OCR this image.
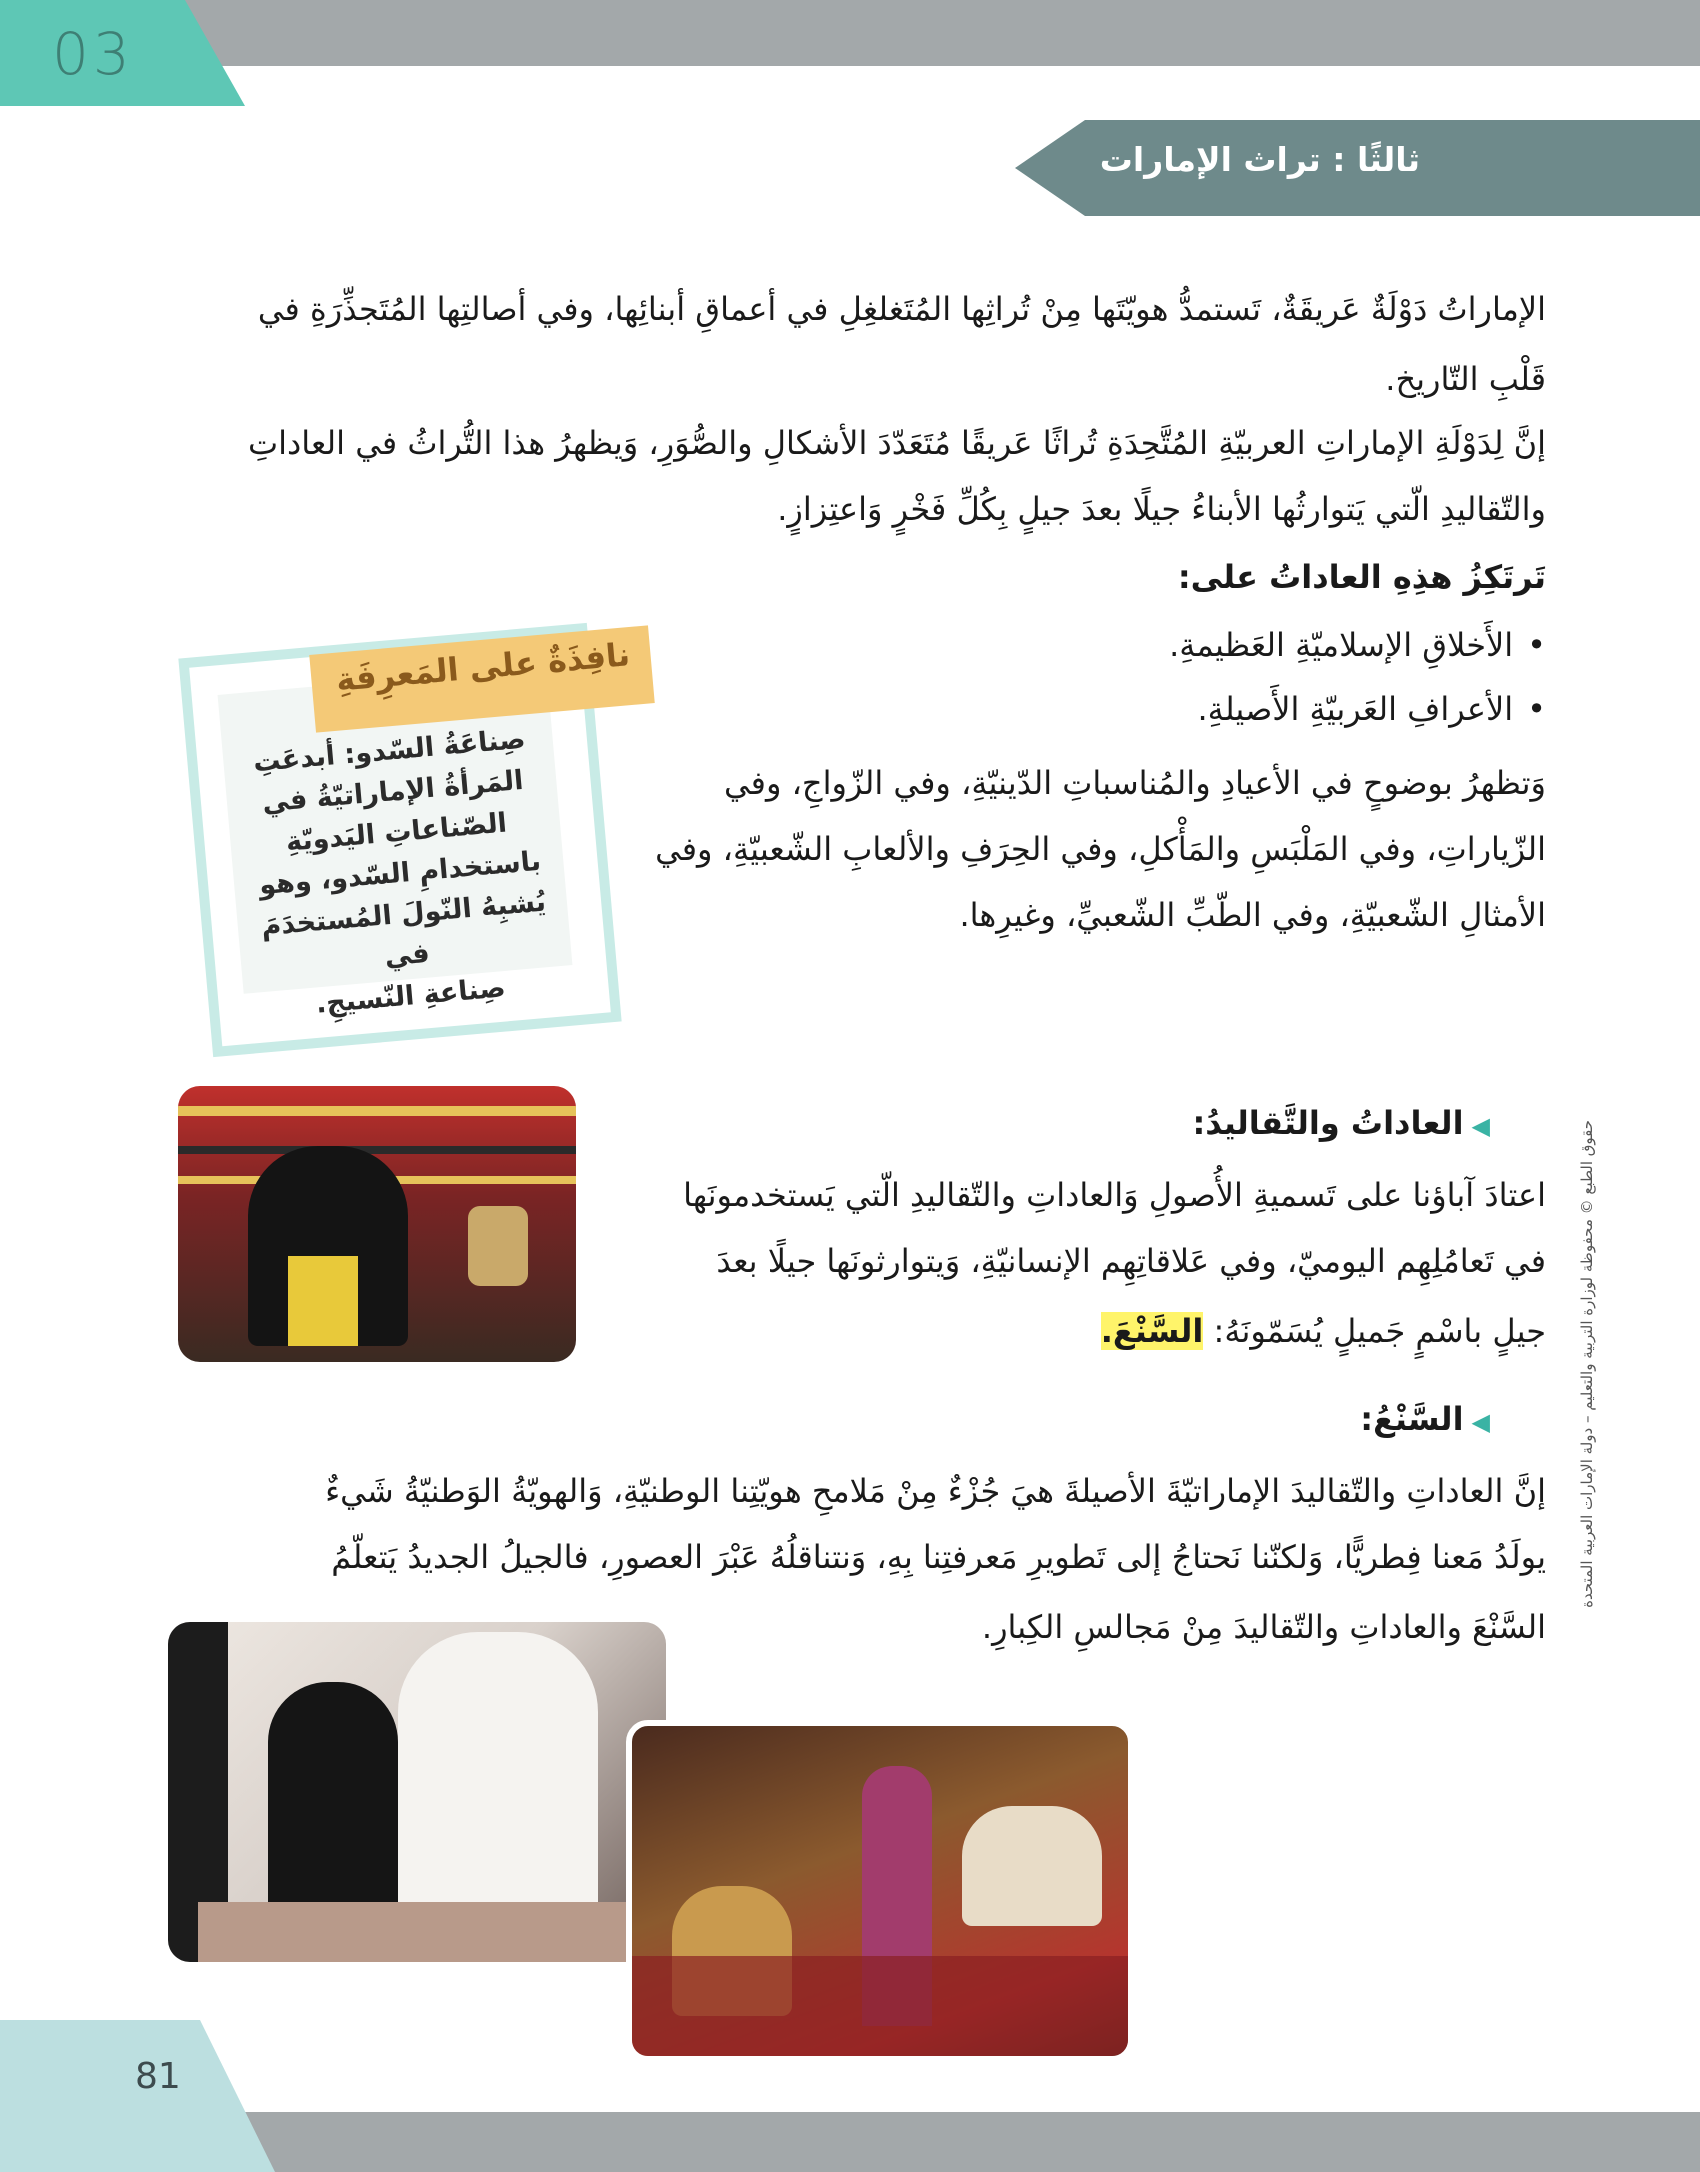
03
ثالثًا : تراث الإمارات
الإماراتُ دَوْلَةٌ عَريقَةٌ، تَستمدُّ هويّتَها مِنْ تُراثِها المُتَغلغِلِ في أعماقِ أبنائِها، وفي أصالتِها المُتَجذِّرَةِ في
قَلْبِ التّاريخ.
إنَّ لِدَوْلَةِ الإماراتِ العربيّةِ المُتَّحِدَةِ تُراثًا عَريقًا مُتَعَدّدَ الأشكالِ والصُّوَرِ، وَيظهرُ هذا التُّراثُ في العاداتِ
والتّقاليدِ الّتي يَتوارثُها الأبناءُ جيلًا بعدَ جيلٍ بِكُلِّ فَخْرٍ وَاعتِزازٍ.
تَرتَكِزُ هذِهِ العاداتُ على:
• الأَخلاقِ الإسلاميّةِ العَظيمةِ.
• الأعرافِ العَربيّةِ الأَصيلةِ.
وَتظهرُ بوضوحٍ في الأعيادِ والمُناسباتِ الدّينيّةِ، وفي الزّواجِ، وفي
الزّياراتِ، وفي المَلْبَسِ والمَأْكلِ، وفي الحِرَفِ والألعابِ الشّعبيّةِ، وفي
الأمثالِ الشّعبيّةِ، وفي الطّبِّ الشّعبيِّ، وغيرِها.
نافِذَةٌ على المَعرِفَةِ
صِناعَةُ السّدو: أبدعَتِ
المَرأةُ الإماراتيّةُ في
الصّناعاتِ اليَدويّةِ
باستخدامِ السّدو، وهو
يُشبِهُ النّولَ المُستخدَمَ في
صِناعةِ النّسيجِ.
◀العاداتُ والتَّقاليدُ:
اعتادَ آباؤنا على تَسميةِ الأُصولِ وَالعاداتِ والتّقاليدِ الّتي يَستخدمونَها
في تَعامُلِهِم اليوميّ، وفي عَلاقاتِهِم الإنسانيّةِ، وَيتوارثونَها جيلًا بعدَ
جيلٍ باسْمٍ جَميلٍ يُسَمّونَهُ: السَّنْعَ.
◀السَّنْعُ:
إنَّ العاداتِ والتّقاليدَ الإماراتيّةَ الأصيلةَ هيَ جُزْءٌ مِنْ مَلامحِ هويّتِنا الوطنيّةِ، وَالهويّةُ الوَطنيّةُ شَيءٌ
يولَدُ مَعنا فِطريًّا، وَلكنّنا نَحتاجُ إلى تَطويرِ مَعرفتِنا بِهِ، وَنتناقلُهُ عَبْرَ العصورِ، فالجيلُ الجديدُ يَتعلّمُ
السَّنْعَ والعاداتِ والتّقاليدَ مِنْ مَجالسِ الكِبارِ.
حقوق الطبع © محفوظة لوزارة التربية والتعليم – دولة الإمارات العربية المتحدة
81
